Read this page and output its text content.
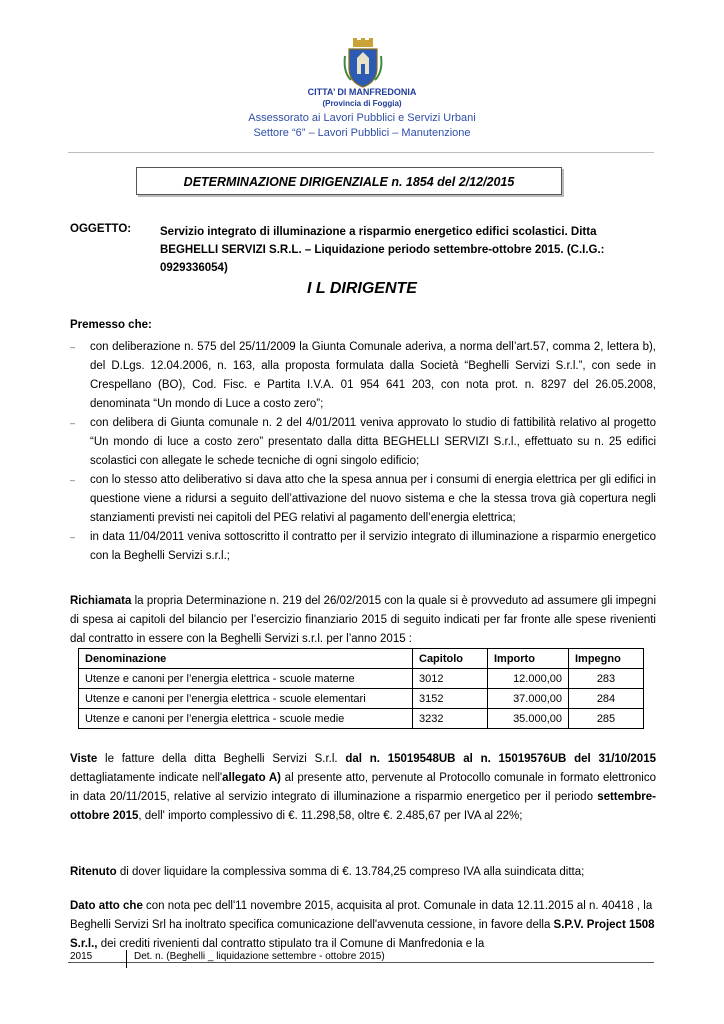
CITTA’ DI MANFREDONIA
(Provincia di Foggia)
Assessorato ai Lavori Pubblici e Servizi Urbani
Settore “6” – Lavori Pubblici – Manutenzione
DETERMINAZIONE DIRIGENZIALE n. 1854 del 2/12/2015
OGGETTO:	Servizio integrato di illuminazione a risparmio energetico edifici scolastici. Ditta BEGHELLI SERVIZI S.R.L. – Liquidazione periodo settembre-ottobre 2015. (C.I.G.: 0929336054)
I L DIRIGENTE
Premesso che:
– con deliberazione n. 575 del 25/11/2009 la Giunta Comunale aderiva, a norma dell’art.57, comma 2, lettera b), del D.Lgs. 12.04.2006, n. 163, alla proposta formulata dalla Società “Beghelli Servizi S.r.l.”, con sede in Crespellano (BO), Cod. Fisc. e Partita I.V.A. 01 954 641 203, con nota prot. n. 8297 del 26.05.2008, denominata “Un mondo di Luce a costo zero”;
– con delibera di Giunta comunale n. 2 del 4/01/2011 veniva approvato lo studio di fattibilità relativo al progetto “Un mondo di luce a costo zero” presentato dalla ditta BEGHELLI SERVIZI S.r.l., effettuato su n. 25 edifici scolastici con allegate le schede tecniche di ogni singolo edificio;
– con lo stesso atto deliberativo si dava atto che la spesa annua per i consumi di energia elettrica per gli edifici in questione viene a ridursi a seguito dell’attivazione del nuovo sistema e che la stessa trova già copertura negli stanziamenti previsti nei capitoli del PEG relativi al pagamento dell’energia elettrica;
– in data 11/04/2011 veniva sottoscritto il contratto per il servizio integrato di illuminazione a risparmio energetico con la Beghelli Servizi s.r.l.;
Richiamata la propria Determinazione n. 219 del 26/02/2015 con la quale si è provveduto ad assumere gli impegni di spesa ai capitoli del bilancio per l’esercizio finanziario 2015 di seguito indicati per far fronte alle spese rivenienti dal contratto in essere con la Beghelli Servizi s.r.l. per l’anno 2015 :
Denominazione	Capitolo	Importo	Impegno
Utenze e canoni per l’energia elettrica - scuole materne	3012	12.000,00	283
Utenze e canoni per l’energia elettrica - scuole elementari	3152	37.000,00	284
Utenze e canoni per l’energia elettrica - scuole medie	3232	35.000,00	285
Viste le fatture della ditta Beghelli Servizi S.r.l. dal n. 15019548UB al n. 15019576UB del 31/10/2015 dettagliatamente indicate nell'allegato A) al presente atto, pervenute al Protocollo comunale in formato elettronico in data 20/11/2015, relative al servizio integrato di illuminazione a risparmio energetico per il periodo settembre-ottobre 2015, dell' importo complessivo di €. 11.298,58, oltre €. 2.485,67 per IVA al 22%;
Ritenuto di dover liquidare la complessiva somma di €. 13.784,25 compreso IVA alla suindicata ditta;
Dato atto che con nota pec dell'11 novembre 2015, acquisita al prot. Comunale in data 12.11.2015 al n. 40418 , la Beghelli Servizi Srl ha inoltrato specifica comunicazione dell'avvenuta cessione, in favore della S.P.V. Project 1508 S.r.l., dei crediti rivenienti dal contratto stipulato tra il Comune di Manfredonia e la
2015	Det. n. (Beghelli _ liquidazione settembre - ottobre 2015)
